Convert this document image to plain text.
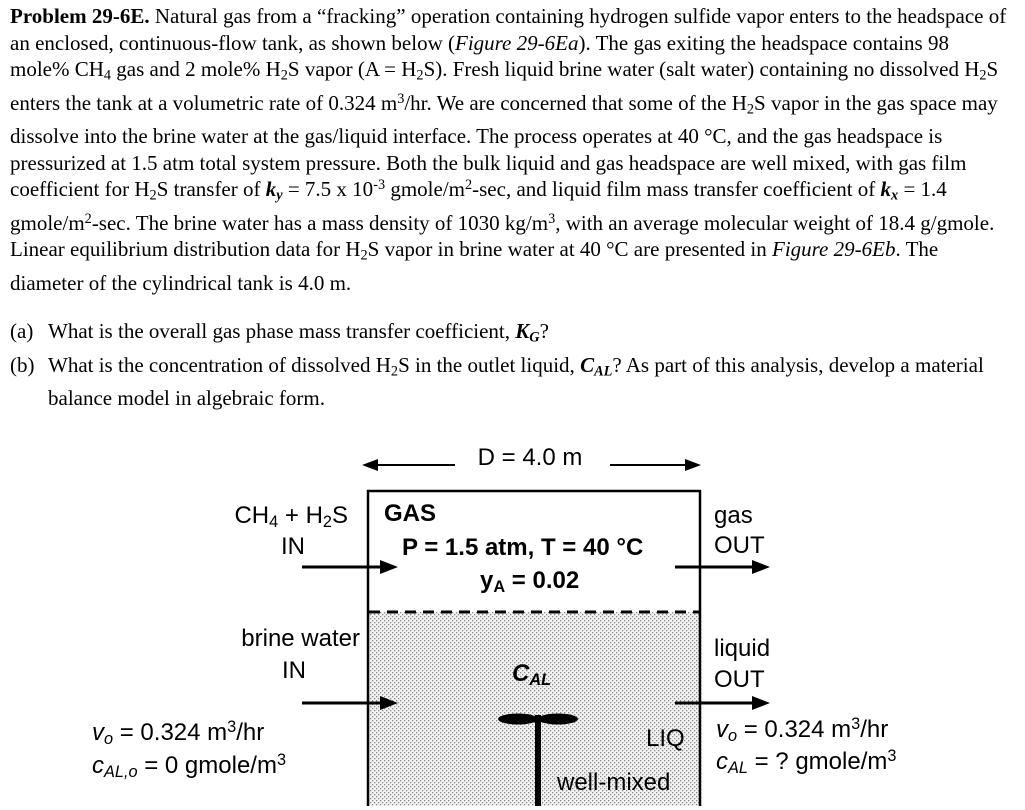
Problem 29-6E. Natural gas from a “fracking” operation containing hydrogen sulfide vapor enters to the headspace of an enclosed, continuous-flow tank, as shown below (Figure 29-6Ea). The gas exiting the headspace contains 98 mole% $CH_4$ gas and 2 mole% $H_2S$ vapor $(A = H_2S)$. Fresh liquid brine water (salt water) containing no dissolved $H_2S$ enters the tank at a volumetric rate of 0.324 $m^3/hr$. We are concerned that some of the $H_2S$ vapor in the gas space may dissolve into the brine water at the gas/liquid interface. The process operates at 40 °C, and the gas headspace is pressurized at 1.5 atm total system pressure. Both the bulk liquid and gas headspace are well mixed, with gas film coefficient for $H_2S$ transfer of $k_y = 7.5$ x $10^{-3}$ gmole/$m^2-\sec$, and liquid film mass transfer coefficient of $k_x = 1.4$ gmole/$m^2-\sec$. The brine water has a mass density of 1030 $kg/m^3$, with an average molecular weight of 18.4 g/gmole. Linear equilibrium distribution data for $H_2S$ vapor in brine water at 40 °C are presented in Figure 29-6Eb. The diameter of the cylindrical tank is 4.0 m.

(a) What is the overall gas phase mass transfer coefficient, $K_G$?

(b) What is the concentration of dissolved $H_2S$ in the outlet liquid, $C_{AL}$? As part of this analysis, develop a material balance model in algebraic form.

D = 4.0 m
$CH_4 + H_2S$
IN
GAS
P = 1.5 atm, T = 40 °C
$y_A = 0.02$
gas
OUT
brine water
IN	$C_{AL}$
liquid
OUT
LIQ
$v_o = 0.324$ $m^3/hr$
$c_{AL,o} = 0$ gmole/$m^3$
$v_o = 0.324$ $m^3/hr$
$c_{AL}$ = ? gmole/$m^3$
well-mixed
